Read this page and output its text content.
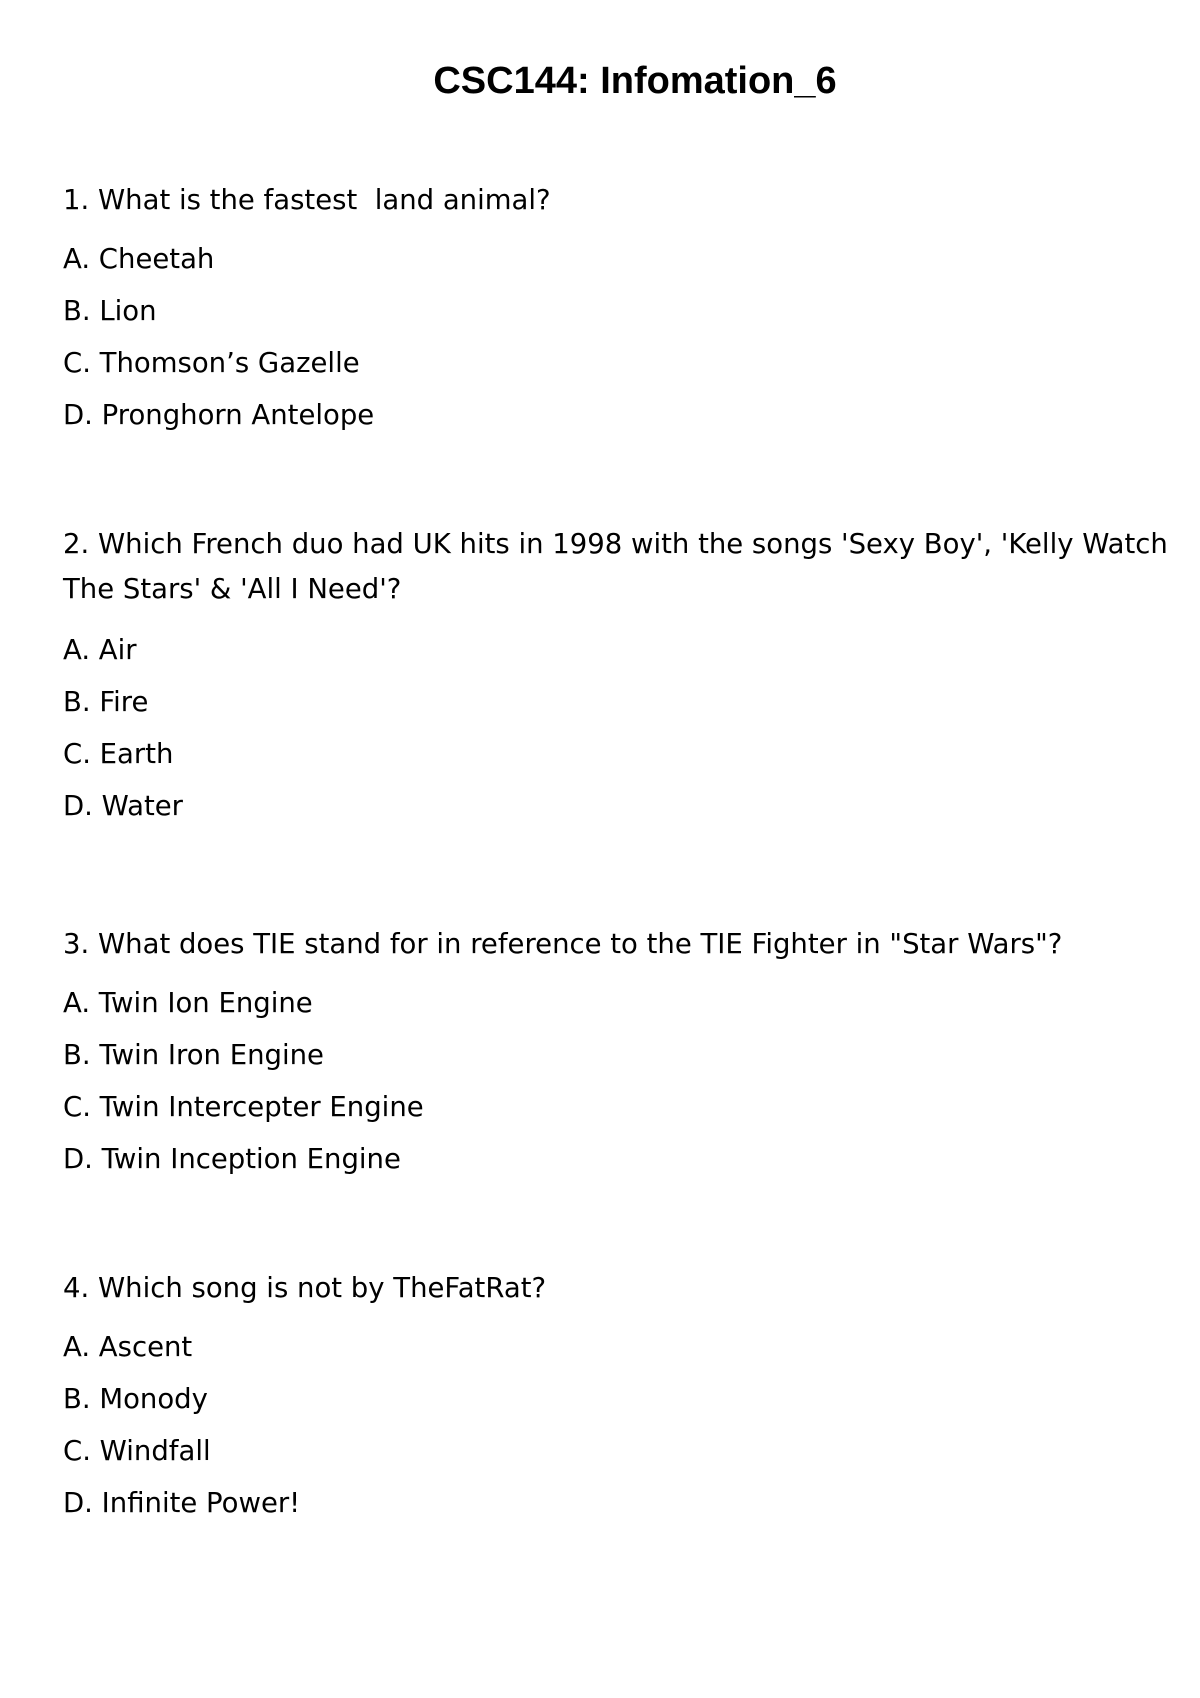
CSC144: Infomation_6

1. What is the fastest  land animal?

A. Cheetah
B. Lion
C. Thomson’s Gazelle
D. Pronghorn Antelope

2. Which French duo had UK hits in 1998 with the songs 'Sexy Boy', 'Kelly Watch The Stars' & 'All I Need'?

A. Air
B. Fire
C. Earth
D. Water

3. What does TIE stand for in reference to the TIE Fighter in "Star Wars"?

A. Twin Ion Engine
B. Twin Iron Engine
C. Twin Intercepter Engine
D. Twin Inception Engine

4. Which song is not by TheFatRat?

A. Ascent
B. Monody
C. Windfall
D. Infinite Power!
